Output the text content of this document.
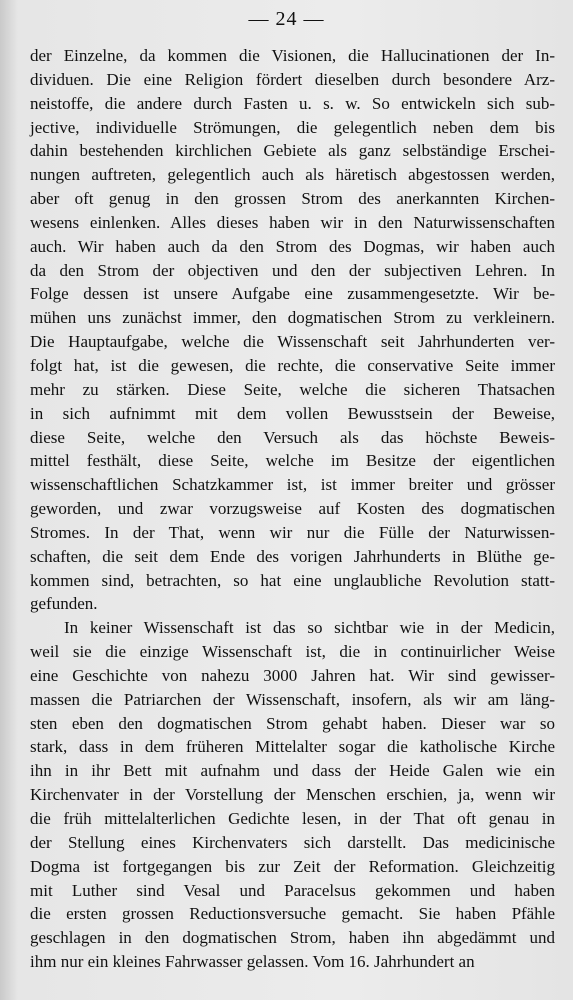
— 24 —
der Einzelne, da kommen die Visionen, die Hallucinationen der In-
dividuen. Die eine Religion fördert dieselben durch besondere Arz-
neistoffe, die andere durch Fasten u. s. w. So entwickeln sich sub-
jective, individuelle Strömungen, die gelegentlich neben dem bis
dahin bestehenden kirchlichen Gebiete als ganz selbständige Erschei-
nungen auftreten, gelegentlich auch als häretisch abgestossen werden,
aber oft genug in den grossen Strom des anerkannten Kirchen-
wesens einlenken. Alles dieses haben wir in den Naturwissenschaften
auch. Wir haben auch da den Strom des Dogmas, wir haben auch
da den Strom der objectiven und den der subjectiven Lehren. In
Folge dessen ist unsere Aufgabe eine zusammengesetzte. Wir be-
mühen uns zunächst immer, den dogmatischen Strom zu verkleinern.
Die Hauptaufgabe, welche die Wissenschaft seit Jahrhunderten ver-
folgt hat, ist die gewesen, die rechte, die conservative Seite immer
mehr zu stärken. Diese Seite, welche die sicheren Thatsachen
in sich aufnimmt mit dem vollen Bewusstsein der Beweise,
diese Seite, welche den Versuch als das höchste Beweis-
mittel festhält, diese Seite, welche im Besitze der eigentlichen
wissenschaftlichen Schatzkammer ist, ist immer breiter und grösser
geworden, und zwar vorzugsweise auf Kosten des dogmatischen
Stromes. In der That, wenn wir nur die Fülle der Naturwissen-
schaften, die seit dem Ende des vorigen Jahrhunderts in Blüthe ge-
kommen sind, betrachten, so hat eine unglaubliche Revolution statt-
gefunden.
In keiner Wissenschaft ist das so sichtbar wie in der Medicin,
weil sie die einzige Wissenschaft ist, die in continuirlicher Weise
eine Geschichte von nahezu 3000 Jahren hat. Wir sind gewisser-
massen die Patriarchen der Wissenschaft, insofern, als wir am läng-
sten eben den dogmatischen Strom gehabt haben. Dieser war so
stark, dass in dem früheren Mittelalter sogar die katholische Kirche
ihn in ihr Bett mit aufnahm und dass der Heide Galen wie ein
Kirchenvater in der Vorstellung der Menschen erschien, ja, wenn wir
die früh mittelalterlichen Gedichte lesen, in der That oft genau in
der Stellung eines Kirchenvaters sich darstellt. Das medicinische
Dogma ist fortgegangen bis zur Zeit der Reformation. Gleichzeitig
mit Luther sind Vesal und Paracelsus gekommen und haben
die ersten grossen Reductionsversuche gemacht. Sie haben Pfähle
geschlagen in den dogmatischen Strom, haben ihn abgedämmt und
ihm nur ein kleines Fahrwasser gelassen. Vom 16. Jahrhundert an
